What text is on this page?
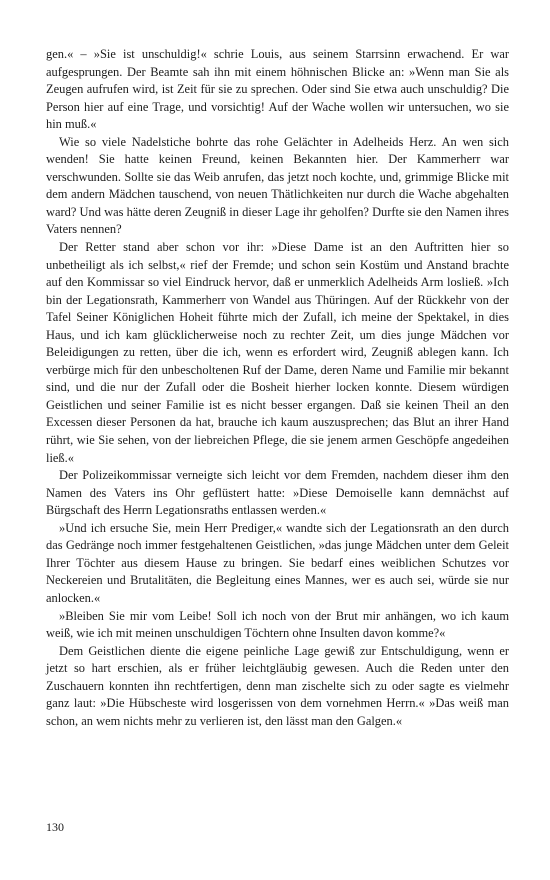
gen.« – »Sie ist unschuldig!« schrie Louis, aus seinem Starrsinn erwachend. Er war aufgesprungen. Der Beamte sah ihn mit einem höhnischen Blicke an: »Wenn man Sie als Zeugen aufrufen wird, ist Zeit für sie zu sprechen. Oder sind Sie etwa auch unschuldig? Die Person hier auf eine Trage, und vorsichtig! Auf der Wache wollen wir untersuchen, wo sie hin muß.«

Wie so viele Nadelstiche bohrte das rohe Gelächter in Adelheids Herz. An wen sich wenden! Sie hatte keinen Freund, keinen Bekannten hier. Der Kammerherr war verschwunden. Sollte sie das Weib anrufen, das jetzt noch kochte, und, grimmige Blicke mit dem andern Mädchen tauschend, von neuen Thätlichkeiten nur durch die Wache abgehalten ward? Und was hätte deren Zeugniß in dieser Lage ihr geholfen? Durfte sie den Namen ihres Vaters nennen?

Der Retter stand aber schon vor ihr: »Diese Dame ist an den Auftritten hier so unbetheiligt als ich selbst,« rief der Fremde; und schon sein Kostüm und Anstand brachte auf den Kommissar so viel Eindruck hervor, daß er unmerklich Adelheids Arm losließ. »Ich bin der Legationsrath, Kammerherr von Wandel aus Thüringen. Auf der Rückkehr von der Tafel Seiner Königlichen Hoheit führte mich der Zufall, ich meine der Spektakel, in dies Haus, und ich kam glücklicherweise noch zu rechter Zeit, um dies junge Mädchen vor Beleidigungen zu retten, über die ich, wenn es erfordert wird, Zeugniß ablegen kann. Ich verbürge mich für den unbescholtenen Ruf der Dame, deren Name und Familie mir bekannt sind, und die nur der Zufall oder die Bosheit hierher locken konnte. Diesem würdigen Geistlichen und seiner Familie ist es nicht besser ergangen. Daß sie keinen Theil an den Excessen dieser Personen da hat, brauche ich kaum auszusprechen; das Blut an ihrer Hand rührt, wie Sie sehen, von der liebreichen Pflege, die sie jenem armen Geschöpfe angedeihen ließ.«

Der Polizeikommissar verneigte sich leicht vor dem Fremden, nachdem dieser ihm den Namen des Vaters ins Ohr geflüstert hatte: »Diese Demoiselle kann demnächst auf Bürgschaft des Herrn Legationsraths entlassen werden.«

»Und ich ersuche Sie, mein Herr Prediger,« wandte sich der Legationsrath an den durch das Gedränge noch immer festgehaltenen Geistlichen, »das junge Mädchen unter dem Geleit Ihrer Töchter aus diesem Hause zu bringen. Sie bedarf eines weiblichen Schutzes vor Neckereien und Brutalitäten, die Begleitung eines Mannes, wer es auch sei, würde sie nur anlocken.«

»Bleiben Sie mir vom Leibe! Soll ich noch von der Brut mir anhängen, wo ich kaum weiß, wie ich mit meinen unschuldigen Töchtern ohne Insulten davon komme?«

Dem Geistlichen diente die eigene peinliche Lage gewiß zur Entschuldigung, wenn er jetzt so hart erschien, als er früher leichtgläubig gewesen. Auch die Reden unter den Zuschauern konnten ihn rechtfertigen, denn man zischelte sich zu oder sagte es vielmehr ganz laut: »Die Hübscheste wird losgerissen von dem vornehmen Herrn.« »Das weiß man schon, an wem nichts mehr zu verlieren ist, den lässt man den Galgen.«

130
